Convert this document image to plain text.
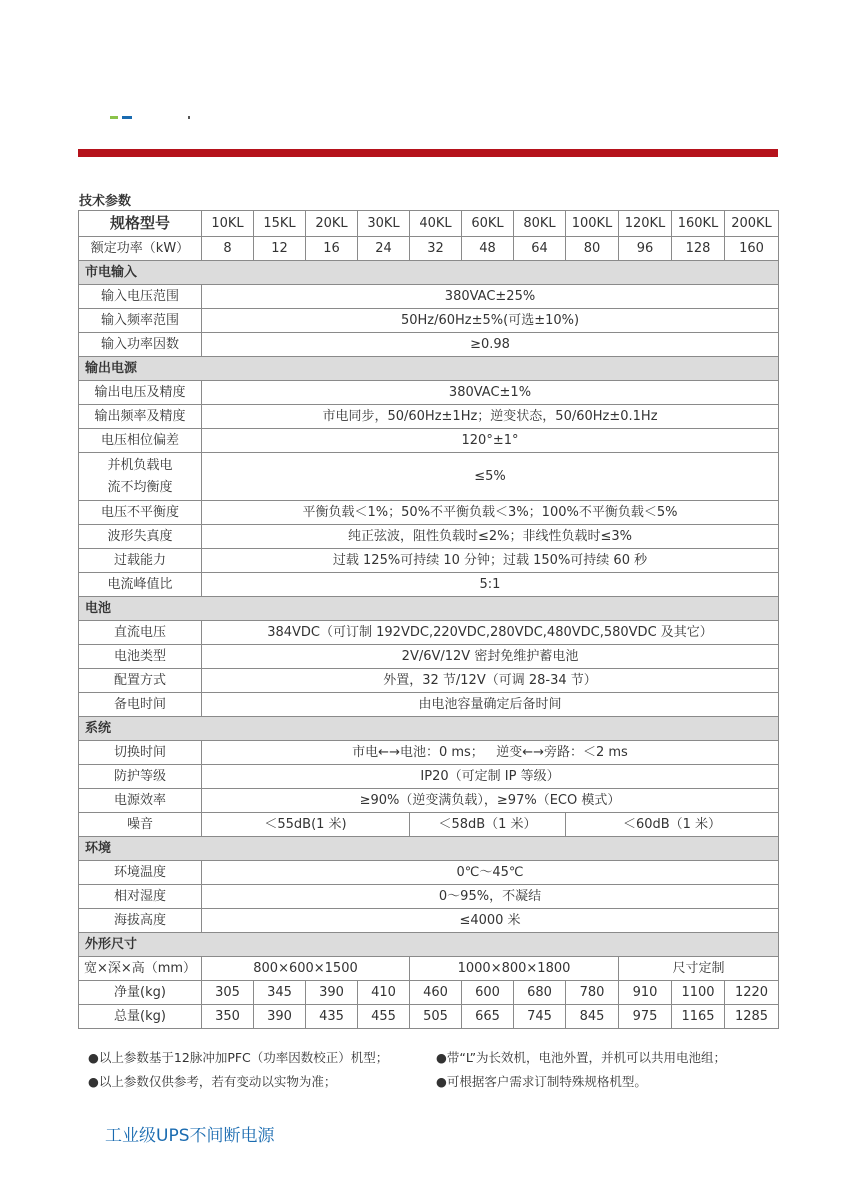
技术参数
规格型号	10KL	15KL	20KL	30KL	40KL	60KL	80KL	100KL	120KL	160KL	200KL
额定功率（kW）	8	12	16	24	32	48	64	80	96	128	160
市电输入											
输入电压范围	380VAC±25%										
输入频率范围	50Hz/60Hz±5%(可选±10%)										
输入功率因数	≥0.98										
输出电源											
输出电压及精度	380VAC±1%										
输出频率及精度	市电同步，50/60Hz±1Hz；逆变状态，50/60Hz±0.1Hz										
电压相位偏差	120°±1°										

并机负载电
流不均衡度	≤5%										
电压不平衡度	平衡负载＜1%；50%不平衡负载＜3%；100%不平衡负载＜5%										
波形失真度	纯正弦波，阻性负载时≤2%；非线性负载时≤3%										
过载能力	过载 125%可持续 10 分钟；过载 150%可持续 60 秒										
电流峰值比	5:1										
电池											
直流电压	384VDC（可订制 192VDC,220VDC,280VDC,480VDC,580VDC 及其它）										
电池类型	2V/6V/12V 密封免维护蓄电池										
配置方式	外置，32 节/12V（可调 28-34 节）										
备电时间	由电池容量确定后备时间										
系统											
切换时间	市电←→电池：0 ms；   逆变←→旁路：＜2 ms										
防护等级	IP20（可定制 IP 等级）										
电源效率	≥90%（逆变满负载），≥97%（ECO 模式）										
噪音	＜55dB(1 米)				＜58dB（1 米）			＜60dB（1 米）			
环境											
环境温度	0℃～45℃										
相对湿度	0～95%，不凝结										
海拔高度	≤4000 米										
外形尺寸											
宽×深×高（mm）	800×600×1500				1000×800×1800				尺寸定制		
净量(kg)	305	345	390	410	460	600	680	780	910	1100	1220
总量(kg)	350	390	435	455	505	665	745	845	975	1165	1285
●以上参数基于12脉冲加PFC（功率因数校正）机型；	●带“L”为长效机，电池外置，并机可以共用电池组；
●以上参数仅供参考，若有变动以实物为准；	●可根据客户需求订制特殊规格机型。
工业级UPS不间断电源
